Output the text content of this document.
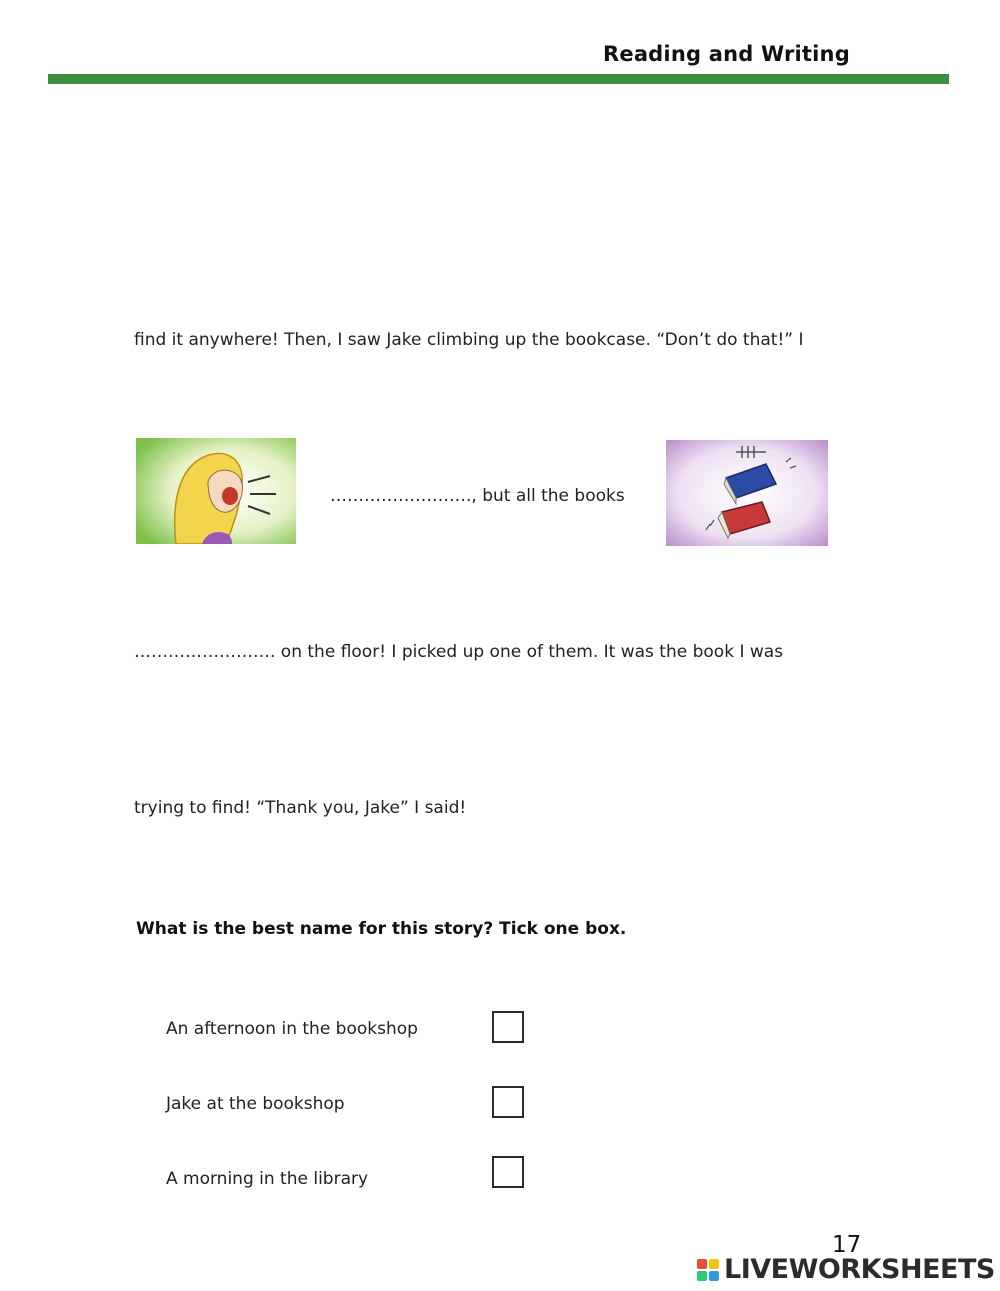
Reading and Writing
find it anywhere! Then, I saw Jake climbing up the bookcase. “Don’t do that!” I
……………………., but all the books
……………………. on the floor! I picked up one of them. It was the book I was
trying to find! “Thank you, Jake” I said!
What is the best name for this story? Tick one box.
An afternoon in the bookshop
Jake at the bookshop
A morning in the library
17
LIVEWORKSHEETS
